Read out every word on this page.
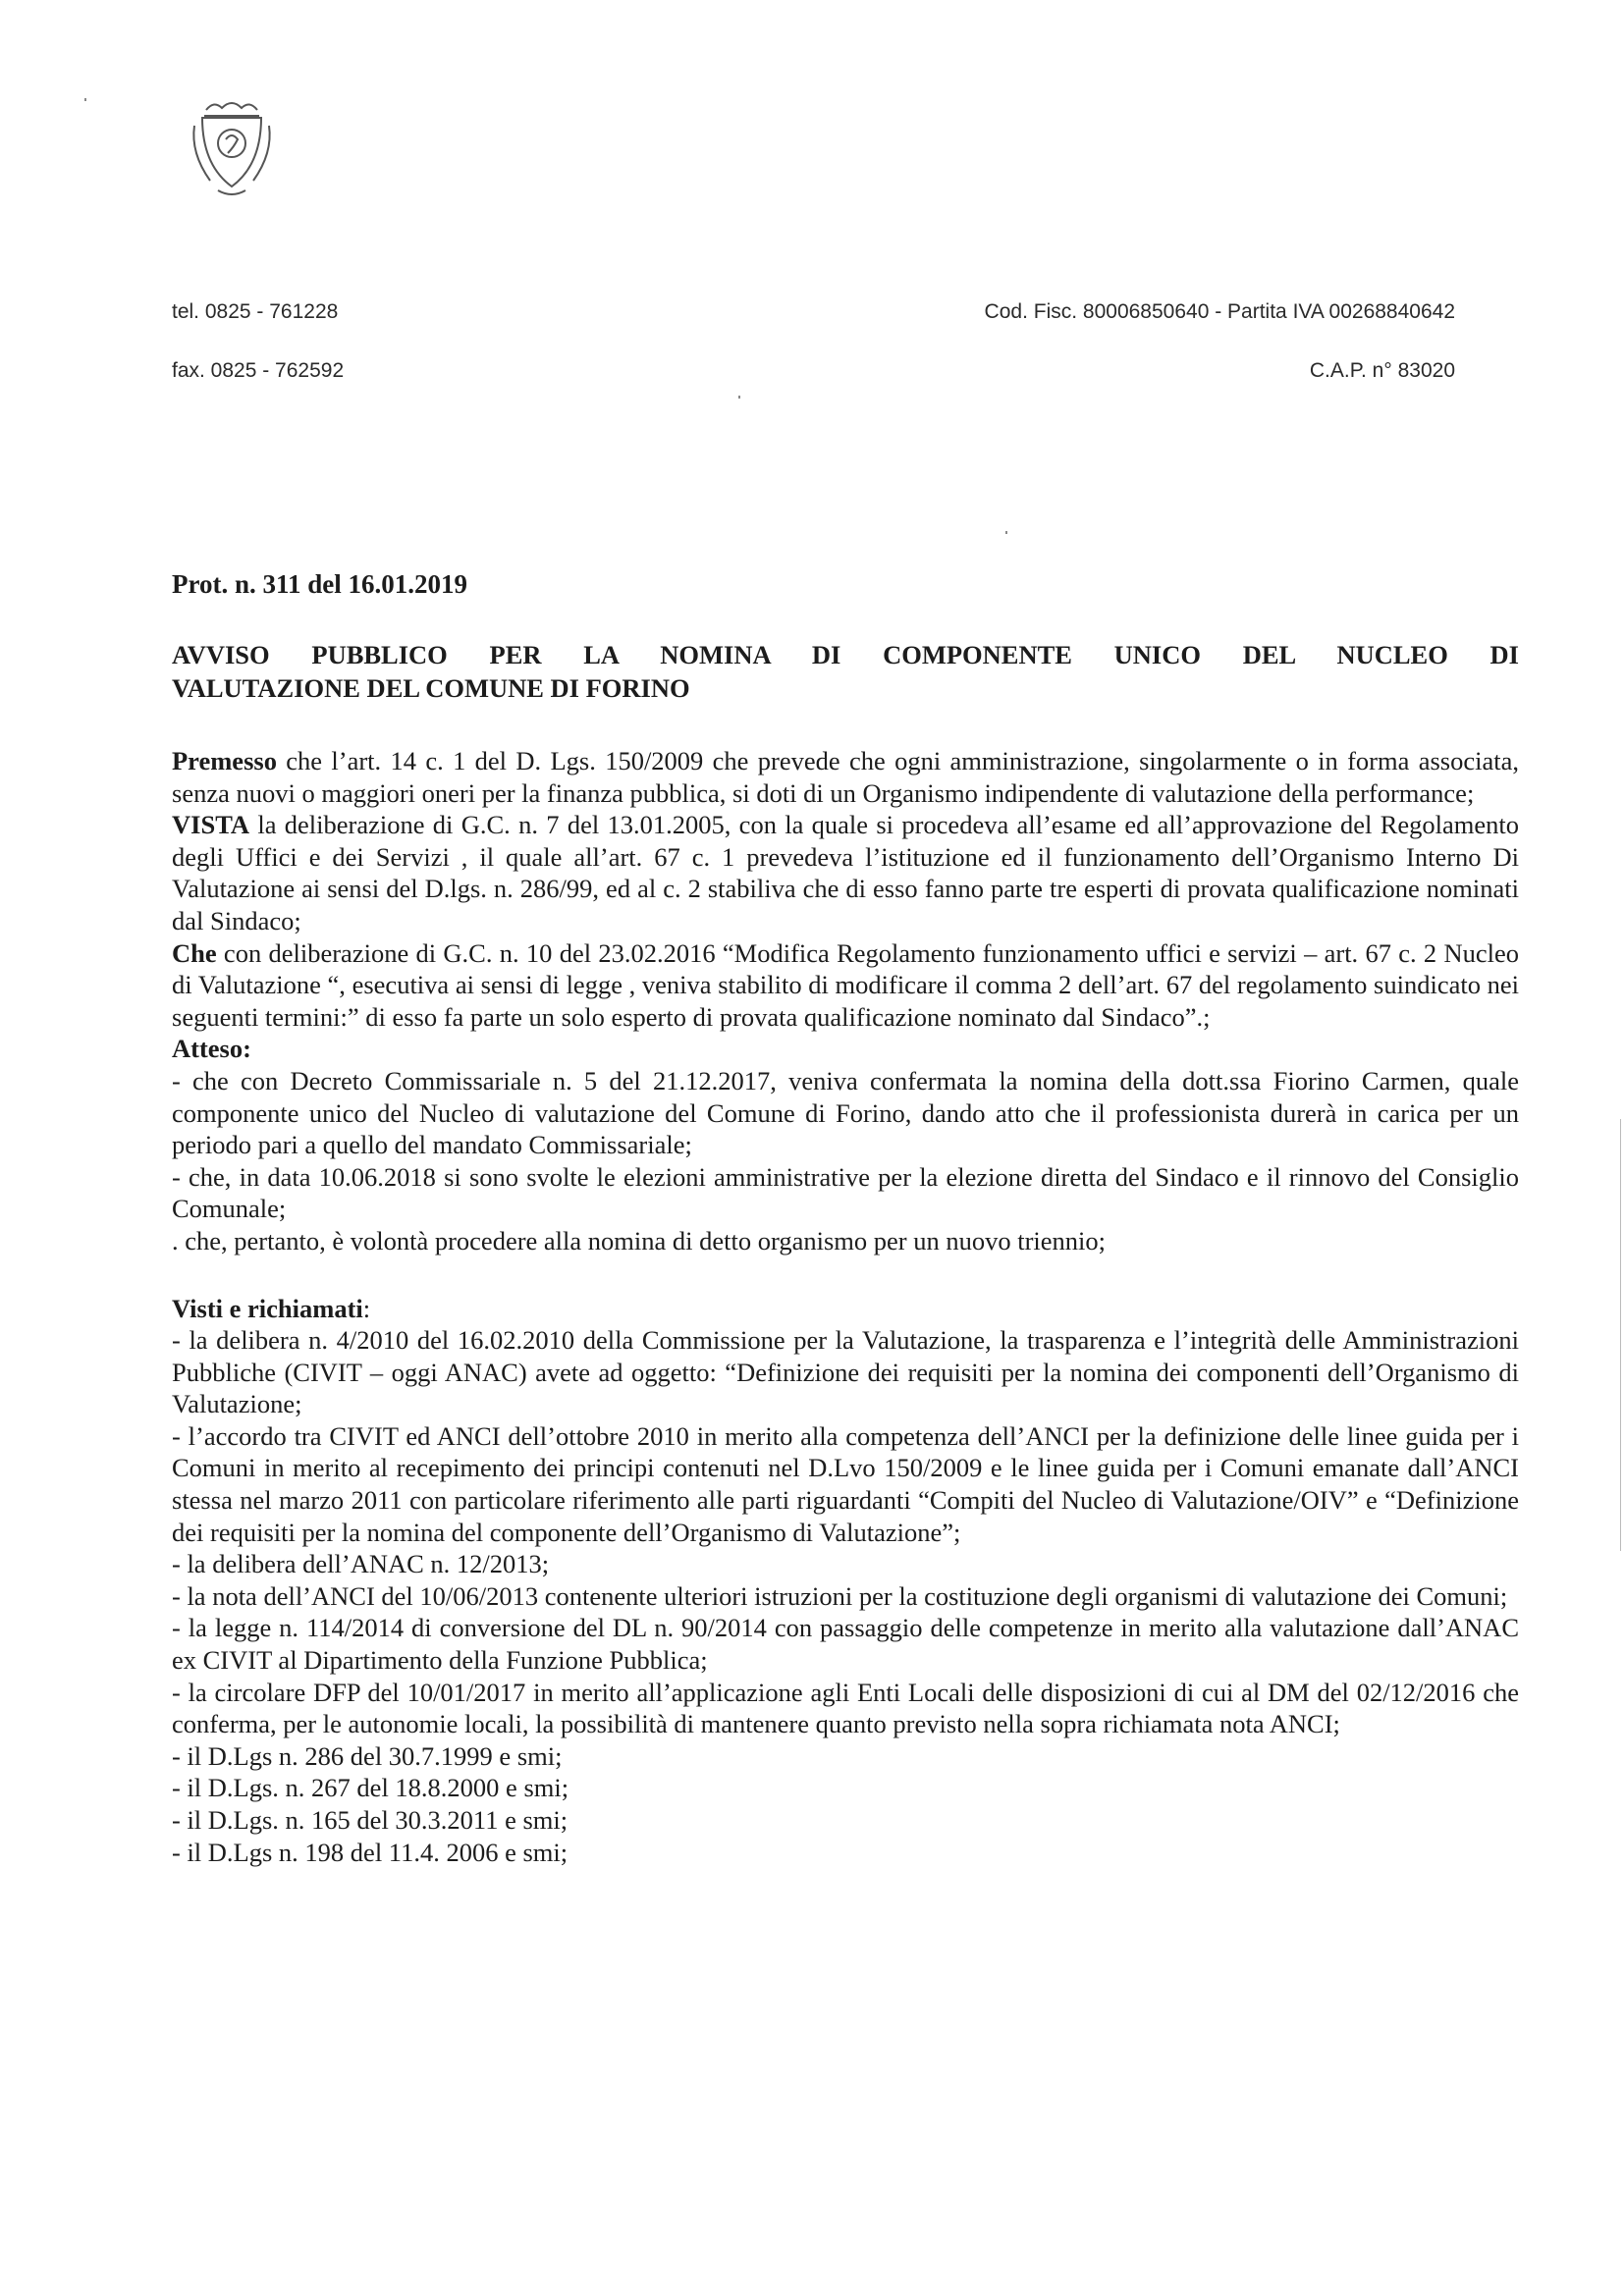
tel. 0825 - 761228
fax. 0825 - 762592
Cod. Fisc. 80006850640 - Partita IVA 00268840642
C.A.P. n° 83020
Prot. n. 311 del 16.01.2019
AVVISO PUBBLICO PER LA NOMINA DI COMPONENTE UNICO DEL NUCLEO DI
VALUTAZIONE DEL COMUNE DI FORINO

Premesso che l’art. 14 c. 1 del D. Lgs. 150/2009 che prevede che ogni amministrazione, singolarmente o in forma associata, senza nuovi o maggiori oneri per la finanza pubblica, si doti di un Organismo indipendente di valutazione della performance;

VISTA la deliberazione di G.C. n. 7 del 13.01.2005, con la quale si procedeva all’esame ed all’approvazione del Regolamento degli Uffici e dei Servizi , il quale all’art. 67 c. 1 prevedeva l’istituzione ed il funzionamento dell’Organismo Interno Di Valutazione ai sensi del D.lgs. n. 286/99, ed al c. 2 stabiliva che di esso fanno parte tre esperti di provata qualificazione nominati dal Sindaco;

Che con deliberazione di G.C. n. 10 del 23.02.2016 “Modifica Regolamento funzionamento uffici e servizi – art. 67 c. 2 Nucleo di Valutazione “, esecutiva ai sensi di legge , veniva stabilito di modificare il comma 2 dell’art. 67 del regolamento suindicato nei seguenti termini:” di esso fa parte un solo esperto di provata qualificazione nominato dal Sindaco”.;

Atteso:

- che con Decreto Commissariale n. 5 del 21.12.2017, veniva confermata la nomina della dott.ssa Fiorino Carmen, quale componente unico del Nucleo di valutazione del Comune di Forino, dando atto che il professionista durerà in carica per un periodo pari a quello del mandato Commissariale;

- che, in data 10.06.2018 si sono svolte le elezioni amministrative per la elezione diretta del Sindaco e il rinnovo del Consiglio Comunale;

. che, pertanto, è volontà procedere alla nomina di detto organismo per un nuovo triennio;

Visti e richiamati:

- la delibera n. 4/2010 del 16.02.2010 della Commissione per la Valutazione, la trasparenza e l’integrità delle Amministrazioni Pubbliche (CIVIT – oggi ANAC) avete ad oggetto: “Definizione dei requisiti per la nomina dei componenti dell’Organismo di Valutazione;

- l’accordo tra CIVIT ed ANCI dell’ottobre 2010 in merito alla competenza dell’ANCI per la definizione delle linee guida per i Comuni in merito al recepimento dei principi contenuti nel D.Lvo 150/2009 e le linee guida per i Comuni emanate dall’ANCI stessa nel marzo 2011 con particolare riferimento alle parti riguardanti “Compiti del Nucleo di Valutazione/OIV” e “Definizione dei requisiti per la nomina del componente dell’Organismo di Valutazione”;

- la delibera dell’ANAC n. 12/2013;

- la nota dell’ANCI del 10/06/2013 contenente ulteriori istruzioni per la costituzione degli organismi di valutazione dei Comuni;

- la legge n. 114/2014 di conversione del DL n. 90/2014 con passaggio delle competenze in merito alla valutazione dall’ANAC ex CIVIT al Dipartimento della Funzione Pubblica;

- la circolare DFP del 10/01/2017 in merito all’applicazione agli Enti Locali delle disposizioni di cui al DM del 02/12/2016 che conferma, per le autonomie locali, la possibilità di mantenere quanto previsto nella sopra richiamata nota ANCI;

- il D.Lgs n. 286 del 30.7.1999 e smi;

- il D.Lgs. n. 267 del 18.8.2000 e smi;

- il D.Lgs. n. 165 del 30.3.2011 e smi;

- il D.Lgs n. 198 del 11.4. 2006 e smi;
